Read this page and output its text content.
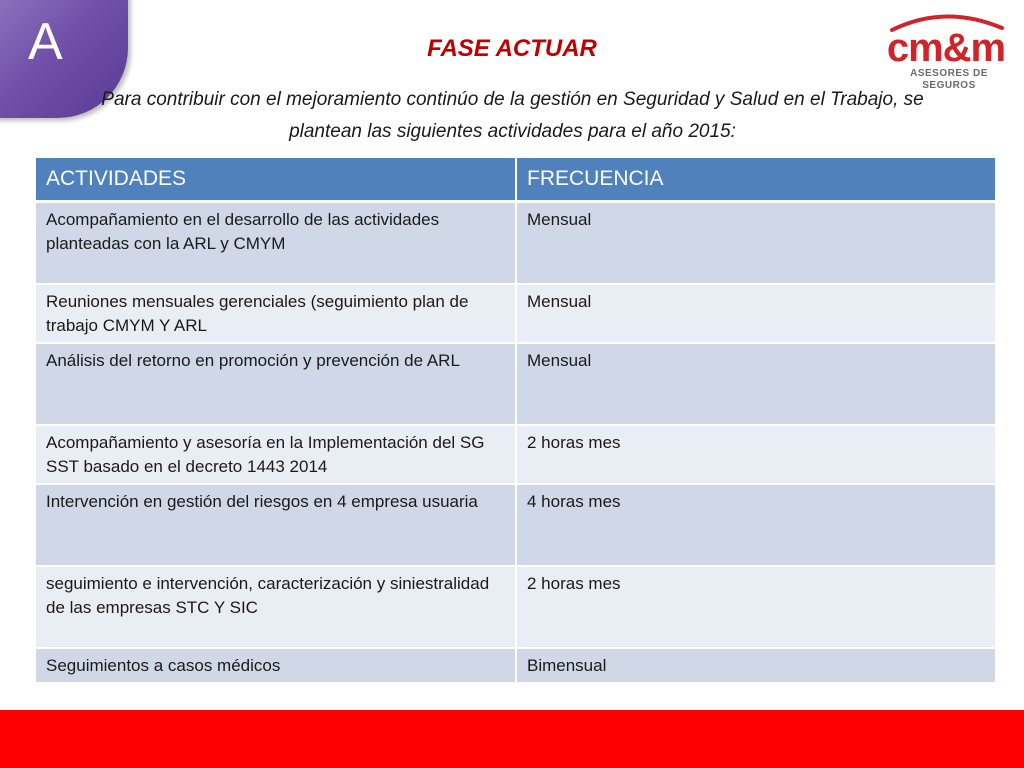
A	cm&m
ASESORES DE SEGUROS
FASE ACTUAR
Para contribuir con el mejoramiento continúo de la gestión en Seguridad y Salud en el Trabajo, se plantean las siguientes actividades para el año 2015:
ACTIVIDADES	FRECUENCIA
Acompañamiento en el desarrollo de las actividades planteadas con la ARL y CMYM	Mensual
Reuniones mensuales gerenciales (seguimiento plan de trabajo CMYM Y ARL	Mensual
Análisis del retorno en promoción y prevención de ARL	Mensual
Acompañamiento y asesoría en la Implementación del SG SST basado en el decreto 1443 2014	2 horas mes
Intervención en gestión del riesgos en 4 empresa usuaria	4 horas mes
seguimiento e intervención, caracterización y siniestralidad de las empresas STC Y SIC	2 horas mes
Seguimientos a casos médicos	Bimensual
